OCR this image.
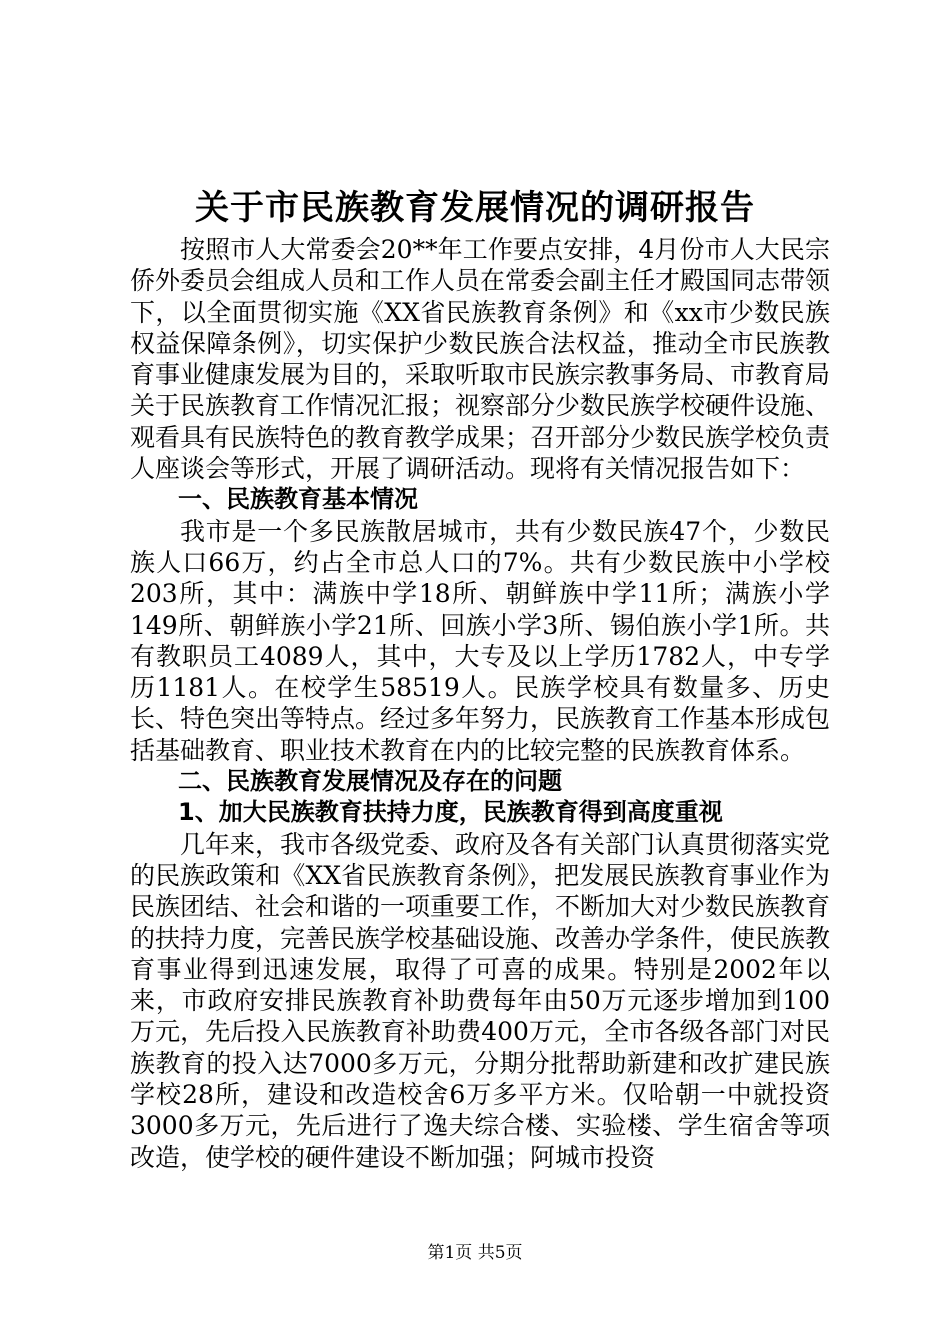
关于市民族教育发展情况的调研报告

按照市人大常委会20**年工作要点安排，4月份市人大民宗侨外委员会组成人员和工作人员在常委会副主任才殿国同志带领下，以全面贯彻实施《XX省民族教育条例》和《xx市少数民族权益保障条例》，切实保护少数民族合法权益，推动全市民族教育事业健康发展为目的，采取听取市民族宗教事务局、市教育局关于民族教育工作情况汇报；视察部分少数民族学校硬件设施、观看具有民族特色的教育教学成果；召开部分少数民族学校负责人座谈会等形式，开展了调研活动。现将有关情况报告如下：

一、民族教育基本情况

我市是一个多民族散居城市，共有少数民族47个，少数民族人口66万，约占全市总人口的7%。共有少数民族中小学校203所，其中：满族中学18所、朝鲜族中学11所；满族小学149所、朝鲜族小学21所、回族小学3所、锡伯族小学1所。共有教职员工4089人，其中，大专及以上学历1782人，中专学历1181人。在校学生58519人。民族学校具有数量多、历史长、特色突出等特点。经过多年努力，民族教育工作基本形成包括基础教育、职业技术教育在内的比较完整的民族教育体系。

二、民族教育发展情况及存在的问题
1、加大民族教育扶持力度，民族教育得到高度重视

几年来，我市各级党委、政府及各有关部门认真贯彻落实党的民族政策和《XX省民族教育条例》，把发展民族教育事业作为民族团结、社会和谐的一项重要工作，不断加大对少数民族教育的扶持力度，完善民族学校基础设施、改善办学条件，使民族教育事业得到迅速发展，取得了可喜的成果。特别是2002年以来，市政府安排民族教育补助费每年由50万元逐步增加到100万元，先后投入民族教育补助费400万元，全市各级各部门对民族教育的投入达7000多万元，分期分批帮助新建和改扩建民族学校28所，建设和改造校舍6万多平方米。仅哈朝一中就投资3000多万元，先后进行了逸夫综合楼、实验楼、学生宿舍等项改造，使学校的硬件建设不断加强；阿城市投资

第1页 共5页
